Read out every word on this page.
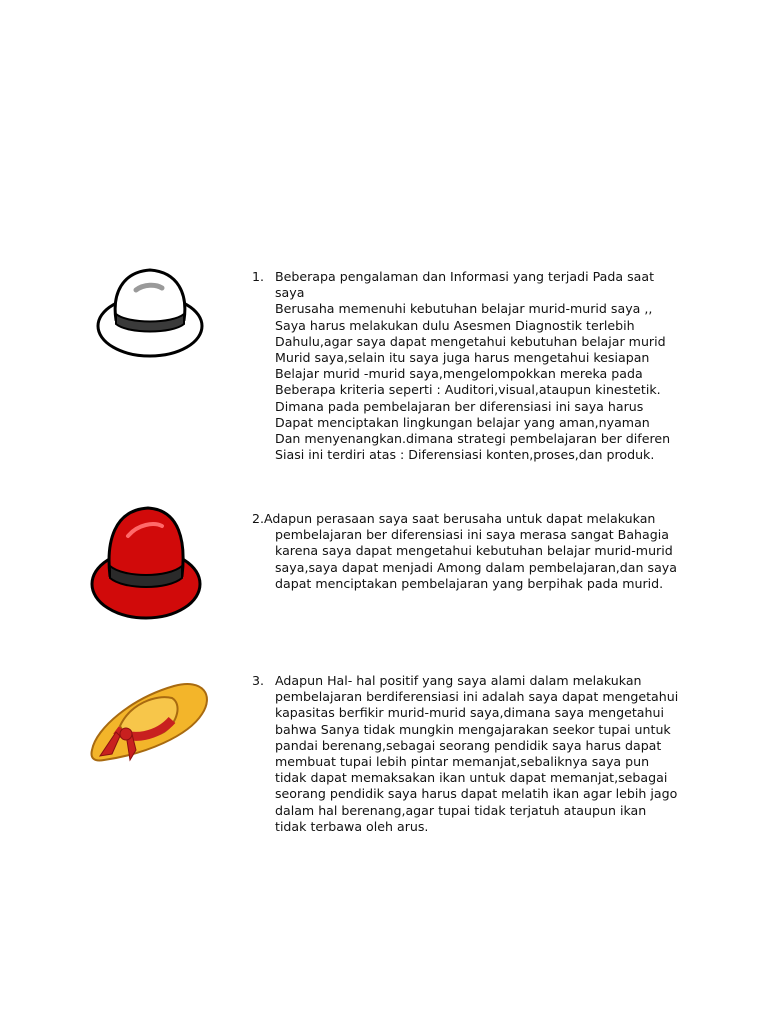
1. Beberapa pengalaman dan Informasi yang terjadi Pada saat
saya
Berusaha memenuhi kebutuhan belajar murid-murid saya ,,
Saya harus melakukan dulu Asesmen Diagnostik terlebih
Dahulu,agar saya dapat mengetahui kebutuhan belajar murid
Murid saya,selain itu saya juga harus mengetahui kesiapan
Belajar murid -murid saya,mengelompokkan mereka pada
Beberapa kriteria seperti : Auditori,visual,ataupun kinestetik.
Dimana pada pembelajaran ber diferensiasi ini saya harus
Dapat menciptakan lingkungan belajar yang aman,nyaman
Dan menyenangkan.dimana strategi pembelajaran ber diferen
Siasi ini terdiri atas : Diferensiasi konten,proses,dan produk.
2.Adapun perasaan saya saat berusaha untuk dapat melakukan
pembelajaran ber diferensiasi ini saya merasa sangat Bahagia
karena saya dapat mengetahui kebutuhan belajar murid-murid
saya,saya dapat menjadi Among dalam pembelajaran,dan saya
dapat menciptakan pembelajaran yang berpihak pada murid.
3. Adapun Hal- hal positif yang saya alami dalam melakukan
pembelajaran berdiferensiasi ini adalah saya dapat mengetahui
kapasitas berfikir murid-murid saya,dimana saya mengetahui
bahwa Sanya tidak mungkin mengajarakan seekor tupai untuk
pandai berenang,sebagai seorang pendidik saya harus dapat
membuat tupai lebih pintar memanjat,sebaliknya saya pun
tidak dapat memaksakan ikan untuk dapat memanjat,sebagai
seorang pendidik saya harus dapat melatih ikan agar lebih jago
dalam hal berenang,agar tupai tidak terjatuh ataupun ikan
tidak terbawa oleh arus.
